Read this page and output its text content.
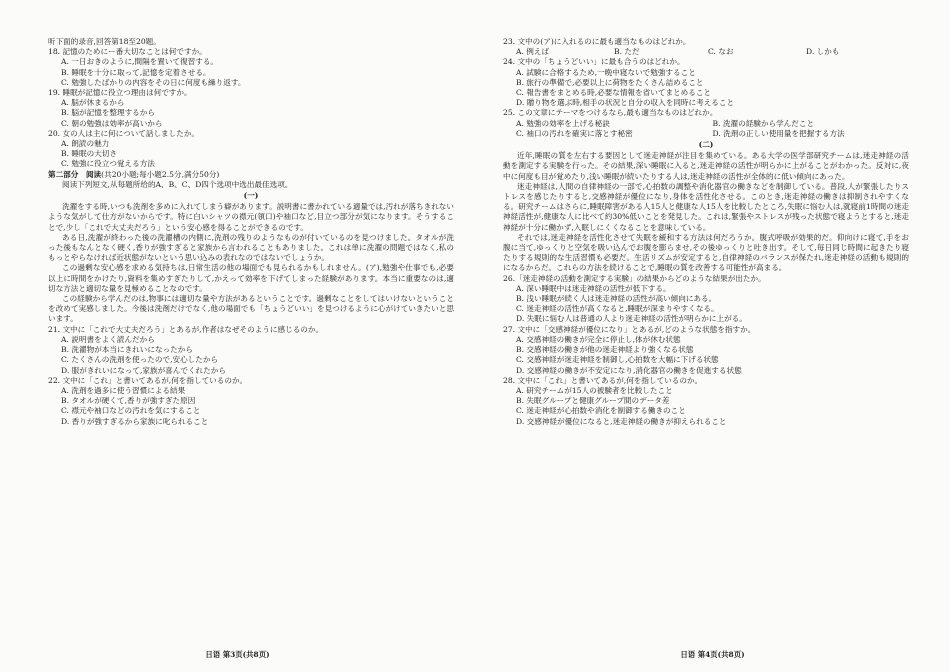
听下面的录音,回答第18至20题。
18. 記憶のためにー番大切なことは何ですか。
A. 一日おきのように,間隔を置いて復習する。
B. 睡眠を十分に取って,記憶を定着させる。
C. 勉強したばかりの内容をその日に何度も繰り返す。
19. 睡眠が記憶に役立つ理由は何ですか。
A. 脳が休まるから
B. 脳が記憶を整理するから
C. 朝の勉強は効率が高いから
20. 女の人は主に何について話しましたか。
A. 朗読の魅力
B. 睡眠の大切さ
C. 勉強に役立つ覚える方法
第二部分　阅读(共20小题;每小题2.5分,满分50分)
阅读下列短文,从每题所给的A、B、C、D四个选项中选出最佳选项。
(一)
洗濯をする時,いつも洗剤を多めに入れてしまう癖があります。説明書に書かれている適量では,汚れが落ちきれないような気がして仕方がないからです。特に白いシャツの襟元(領口)や袖口など,目立つ部分が気になります。そうすることで,少し「これで大丈夫だろう」という安心感を得ることができるのです。
ある日,洗濯が終わった後の洗濯槽の内側に,洗剤の残りのようなものが付いているのを見つけました。タオルが洗った後もなんとなく硬く,香りが強すぎると家族から言われることもありました。これは単に洗濯の問題ではなく,私のもっとやらなければ近状態がないという思い込みの表れなのではないでしょうか。
この過剰な安心感を求める気持ちは,日常生活の他の場面でも見られるかもしれません。(ア),勉強や仕事でも,必要以上に時間をかけたり,資料を集めすぎたりして,かえって効率を下げてしまった経験があります。本当に重要なのは,適切な方法と適切な量を見極めることなのです。
この経験から学んだのは,物事には適切な量や方法があるということです。過剰なことをしてはいけないということを改めて実感しました。今後は洗剤だけでなく,他の場面でも「ちょうどいい」を見つけるように心がけていきたいと思います。
21. 文中に「これで大丈夫だろう」とあるが,作者はなぜそのように感じるのか。
A. 説明書をよく読んだから
B. 洗濯物が本当にきれいになったから
C. たくさんの洗剤を使ったので,安心したから
D. 服がきれいになって,家族が喜んでくれたから
22. 文中に「これ」と書いてあるが,何を指しているのか。
A. 洗剤を過多に使う習慣による結果
B. タオルが硬くて,香りが強すぎた原因
C. 襟元や袖口などの汚れを気にすること
D. 香りが強すぎるから家族に叱られること
日语 第3页(共8页)
23. 文中の(ア)に入れるのに最も適当なものはどれか。
A. 例えば	B. ただ	C. なお	D. しかも
24. 文中の「ちょうどいい」に最も合うのはどれか。
A. 試験に合格するため,一晩中寝ないで勉強すること
B. 旅行の準備で,必要以上に荷物をたくさん詰めること
C. 報告書をまとめる時,必要な情報を省いてまとめること
D. 贈り物を選ぶ時,相手の状況と自分の収入を同時に考えること
25. この文章にテーマをつけるなら,最も適当なものはどれか。
A. 勉強の効率を上げる秘訣	B. 洗濯の経験から学んだこと
C. 袖口の汚れを確実に落とす秘密	D. 洗剤の正しい使用量を把握する方法
(二)
近年,睡眠の質を左右する要因として迷走神経が注目を集めている。ある大学の医学部研究チームは,迷走神経の活動を測定する実験を行った。その結果,深い睡眠に入ると,迷走神経の活性が明らかに上がることがわかった。反対に,夜中に何度も目が覚めたり,浅い睡眠が続いたりする人は,迷走神経の活性が全体的に低い傾向にあった。
迷走神経は,人間の自律神経の一部で,心拍数の調整や消化器官の働きなどを制御している。普段,人が緊張したりストレスを感じたりすると,交感神経が優位になり,身体を活性化させる。このとき,迷走神経の働きは抑制されやすくなる。研究チームはさらに,睡眠障害がある人15人と健康な人15人を比較したところ,失眠に悩む人は,就寝前1時間の迷走神経活性が,健康な人に比べて約30%低いことを発見した。これは,緊張やストレスが残った状態で寝ようとすると,迷走神経が十分に働かず,入眠しにくくなることを意味している。
それでは,迷走神経を活性化させて失眠を緩和する方法は何だろうか。腹式呼吸が効果的だ。仰向けに寝て,手をお腹に当て,ゆっくりと空気を吸い込んでお腹を膨らませ,その後ゆっくりと吐き出す。そして,毎日同じ時間に起きたり寝たりする規則的な生活習慣も必要だ。生活リズムが安定すると,自律神経のバランスが保たれ,迷走神経の活動も規則的になるからだ。これらの方法を続けることで,睡眠の質を改善する可能性が高まる。
26.「迷走神経の活動を測定する実験」の結果からどのような結果が出たか。
A. 深い睡眠中は迷走神経の活性が低下する。
B. 浅い睡眠が続く人は迷走神経の活性が高い傾向にある。
C. 迷走神経の活性が高くなると,睡眠が深まりやすくなる。
D. 失眠に悩む人は普通の人より迷走神経の活性が明らかに上がる。
27. 文中に「交感神経が優位になり」とあるが,どのような状態を指すか。
A. 交感神経の働きが完全に停止し,体が休む状態
B. 交感神経の働きが他の迷走神経より強くなる状態
C. 交感神経が迷走神経を制御し,心拍数を大幅に下げる状態
D. 交感神経の働きが不安定になり,消化器官の働きを促進する状態
28. 文中に「これ」と書いてあるが,何を指しているのか。
A. 研究チームが15人の被験者を比較したこと
B. 失眠グループと健康グループ間のデータ差
C. 迷走神経が心拍数や消化を制御する働きのこと
D. 交感神経が優位になると,迷走神経の働きが抑えられること
日语 第4页(共8页)
